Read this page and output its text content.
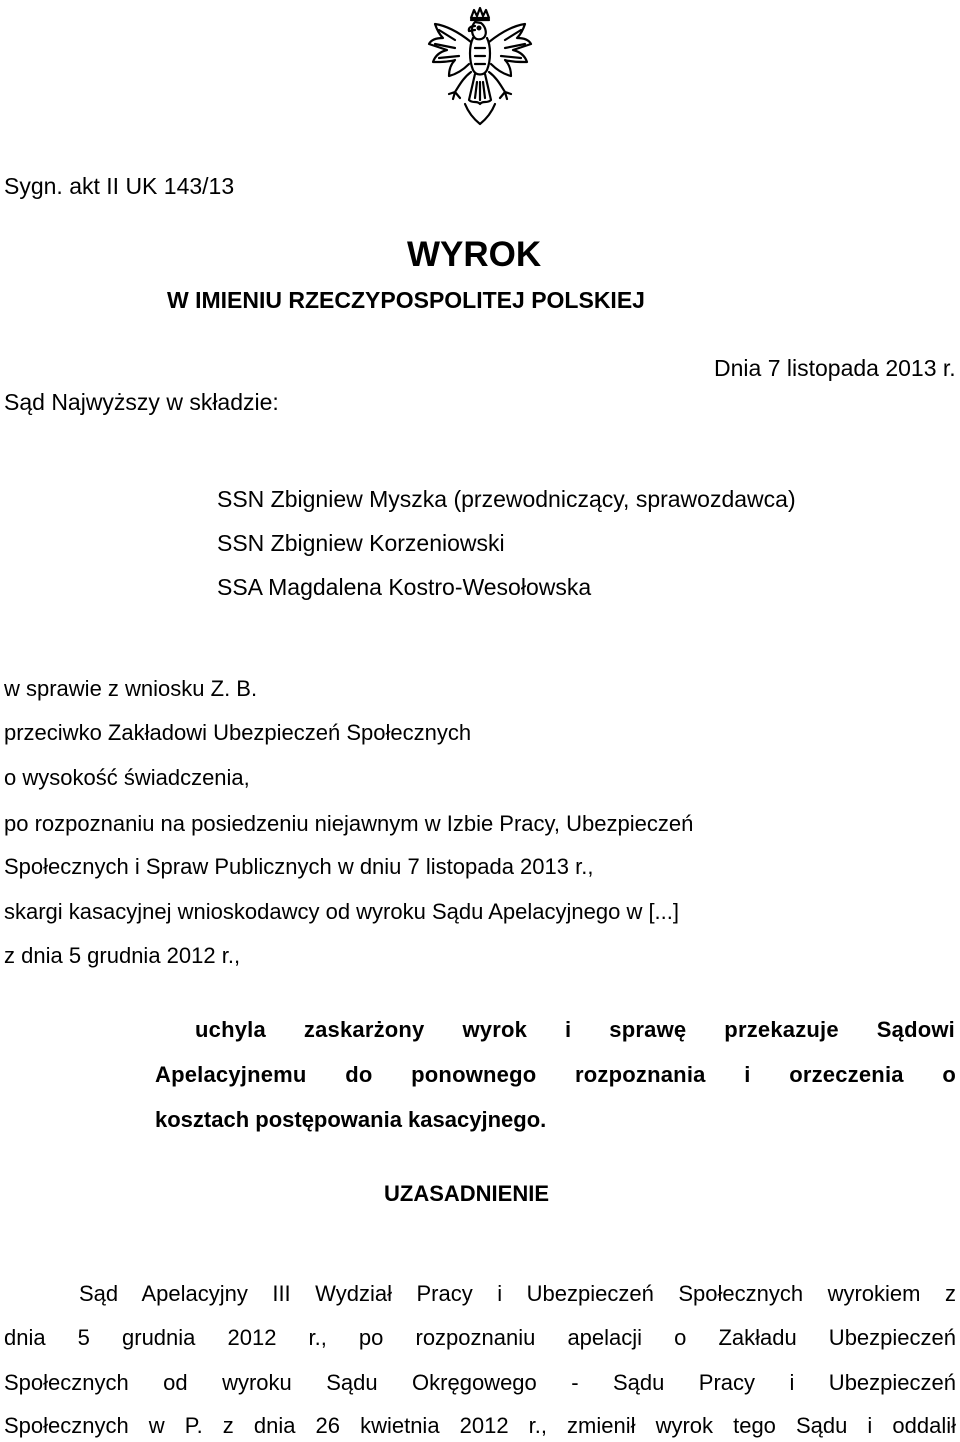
Sygn. akt II UK 143/13
WYROK
W IMIENIU RZECZYPOSPOLITEJ POLSKIEJ
Dnia 7 listopada 2013 r.
Sąd Najwyższy w składzie:
SSN Zbigniew Myszka (przewodniczący, sprawozdawca)
SSN Zbigniew Korzeniowski
SSA Magdalena Kostro-Wesołowska
w sprawie z wniosku Z. B.
przeciwko Zakładowi Ubezpieczeń Społecznych
o wysokość świadczenia,
po rozpoznaniu na posiedzeniu niejawnym w Izbie Pracy, Ubezpieczeń
Społecznych i Spraw Publicznych w dniu 7 listopada 2013 r.,
skargi kasacyjnej wnioskodawcy od wyroku Sądu Apelacyjnego w [...]
z dnia 5 grudnia 2012 r.,
uchyla zaskarżony wyrok i sprawę przekazuje Sądowi
Apelacyjnemu do ponownego rozpoznania i orzeczenia o
kosztach postępowania kasacyjnego.
UZASADNIENIE
Sąd Apelacyjny III Wydział Pracy i Ubezpieczeń Społecznych wyrokiem z
dnia 5 grudnia 2012 r., po rozpoznaniu apelacji o Zakładu Ubezpieczeń
Społecznych od wyroku Sądu Okręgowego - Sądu Pracy i Ubezpieczeń
Społecznych w P. z dnia 26 kwietnia 2012 r., zmienił wyrok tego Sądu i oddalił
